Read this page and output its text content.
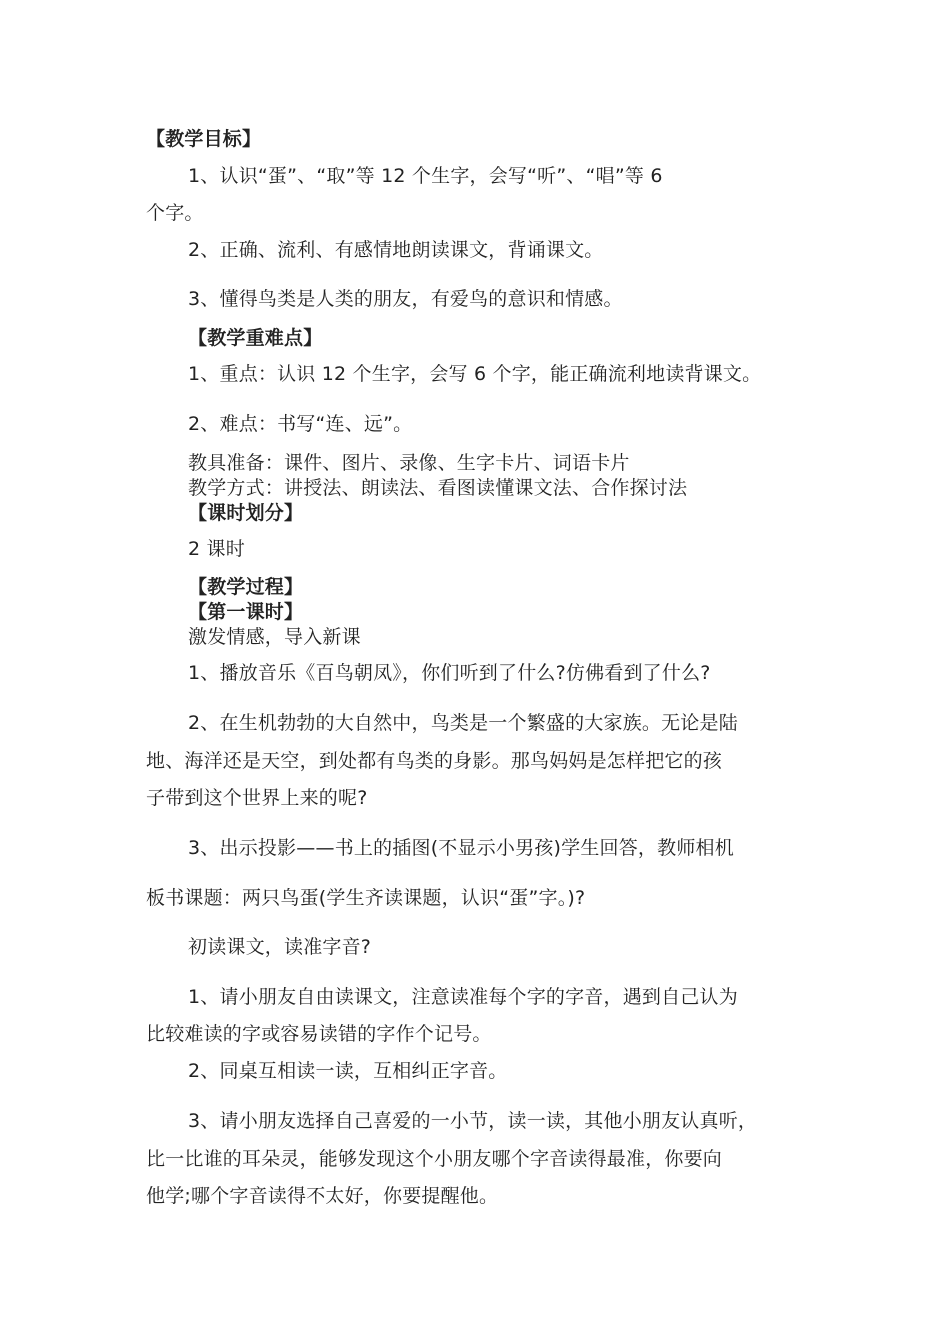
【教学目标】

1、认识“蛋”、“取”等 12 个生字，会写“听”、“唱”等 6

个字。

2、正确、流利、有感情地朗读课文，背诵课文。

3、懂得鸟类是人类的朋友，有爱鸟的意识和情感。

【教学重难点】

1、重点：认识 12 个生字，会写 6 个字，能正确流利地读背课文。

2、难点：书写“连、远”。

教具准备：课件、图片、录像、生字卡片、词语卡片

教学方式：讲授法、朗读法、看图读懂课文法、合作探讨法

【课时划分】

2 课时

【教学过程】

【第一课时】

激发情感，导入新课

1、播放音乐《百鸟朝凤》，你们听到了什么?仿佛看到了什么?

2、在生机勃勃的大自然中，鸟类是一个繁盛的大家族。无论是陆

地、海洋还是天空，到处都有鸟类的身影。那鸟妈妈是怎样把它的孩

子带到这个世界上来的呢?

3、出示投影——书上的插图(不显示小男孩)学生回答，教师相机

板书课题：两只鸟蛋(学生齐读课题，认识“蛋”字。)?

初读课文，读准字音?

1、请小朋友自由读课文，注意读准每个字的字音，遇到自己认为

比较难读的字或容易读错的字作个记号。

2、同桌互相读一读，互相纠正字音。

3、请小朋友选择自己喜爱的一小节，读一读，其他小朋友认真听，

比一比谁的耳朵灵，能够发现这个小朋友哪个字音读得最准，你要向

他学;哪个字音读得不太好，你要提醒他。
